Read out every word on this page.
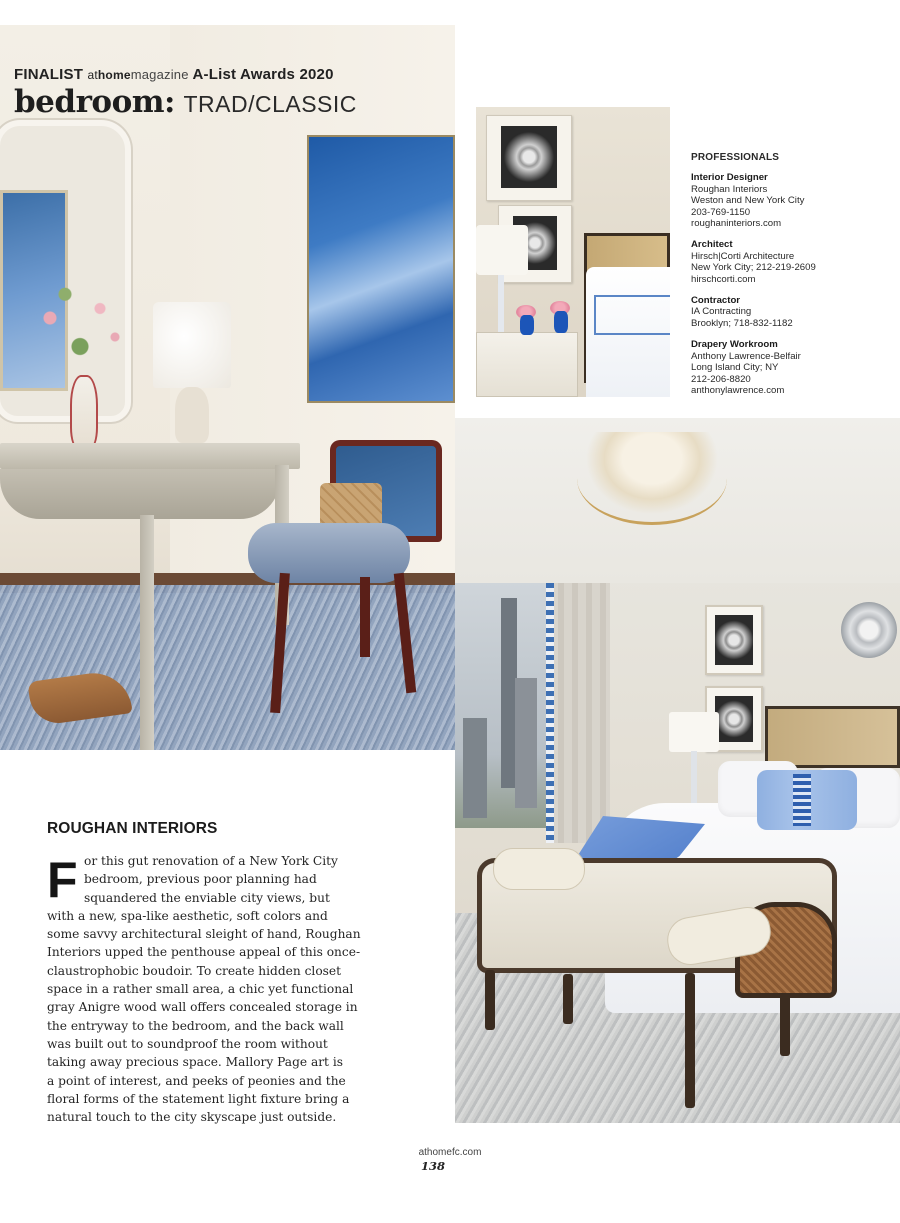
FINALIST athomemagazine A-List Awards 2020
bedroom: TRAD/CLASSIC
PROFESSIONALS
Interior Designer
Roughan Interiors
Weston and New York City
203-769-1150
roughaninteriors.com
Architect
Hirsch|Corti Architecture
New York City; 212-219-2609
hirschcorti.com
Contractor
IA Contracting
Brooklyn; 718-832-1182
Drapery Workroom
Anthony Lawrence-Belfair
Long Island City; NY
212-206-8820
anthonylawrence.com
ROUGHAN INTERIORS
F or this gut renovation of a New York City
bedroom, previous poor planning had
squandered the enviable city views, but
with a new, spa-like aesthetic, soft colors and
some savvy architectural sleight of hand, Roughan
Interiors upped the penthouse appeal of this once-
claustrophobic boudoir. To create hidden closet
space in a rather small area, a chic yet functional
gray Anigre wood wall offers concealed storage in
the entryway to the bedroom, and the back wall
was built out to soundproof the room without
taking away precious space. Mallory Page art is
a point of interest, and peeks of peonies and the
floral forms of the statement light fixture bring a
natural touch to the city skyscape just outside.
athomefc.com
138
